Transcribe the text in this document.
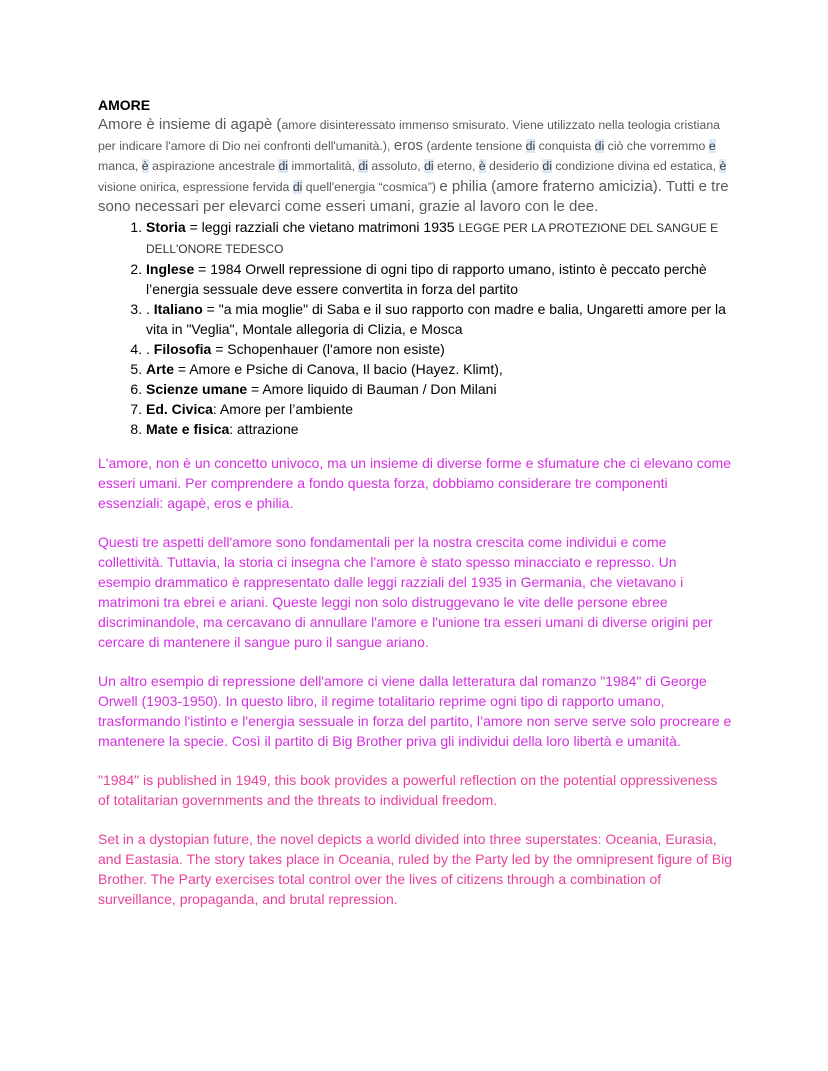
AMORE

Amore è insieme di agapè (amore disinteressato immenso smisurato. Viene utilizzato nella teologia cristiana per indicare l'amore di Dio nei confronti dell'umanità.), eros (ardente tensione di conquista di ciò che vorremmo e manca, è aspirazione ancestrale di immortalità, di assoluto, di eterno, è desiderio di condizione divina ed estatica, è visione onirica, espressione fervida di quell'energia “cosmica”) e philia (amore fraterno amicizia). Tutti e tre sono necessari per elevarci come esseri umani, grazie al lavoro con le dee.

1. Storia = leggi razziali che vietano matrimoni 1935 LEGGE PER LA PROTEZIONE DEL SANGUE E DELL'ONORE TEDESCO
2. Inglese = 1984 Orwell repressione di ogni tipo di rapporto umano, istinto è peccato perchè l’energia sessuale deve essere convertita in forza del partito
3. . Italiano = "a mia moglie" di Saba e il suo rapporto con madre e balia, Ungaretti amore per la vita in "Veglia", Montale allegoria di Clizia, e Mosca
4. . Filosofia = Schopenhauer (l'amore non esiste)
5. Arte = Amore e Psiche di Canova, Il bacio (Hayez. Klimt),
6. Scienze umane = Amore liquido di Bauman / Don Milani
7. Ed. Civica: Amore per l’ambiente
8. Mate e fisica: attrazione

L'amore, non è un concetto univoco, ma un insieme di diverse forme e sfumature che ci elevano come esseri umani. Per comprendere a fondo questa forza, dobbiamo considerare tre componenti essenziali: agapè, eros e philia.

Questi tre aspetti dell'amore sono fondamentali per la nostra crescita come individui e come collettività. Tuttavia, la storia ci insegna che l'amore è stato spesso minacciato e represso. Un esempio drammatico è rappresentato dalle leggi razziali del 1935 in Germania, che vietavano i matrimoni tra ebrei e ariani. Queste leggi non solo distruggevano le vite delle persone ebree discriminandole, ma cercavano di annullare l'amore e l'unione tra esseri umani di diverse origini per cercare di mantenere il sangue puro il sangue ariano.

Un altro esempio di repressione dell'amore ci viene dalla letteratura dal romanzo "1984" di George Orwell (1903-1950). In questo libro, il regime totalitario reprime ogni tipo di rapporto umano, trasformando l'istinto e l'energia sessuale in forza del partito, l’amore non serve serve solo procreare e mantenere la specie. Così il partito di Big Brother priva gli individui della loro libertà e umanità.

"1984" is published in 1949, this book provides a powerful reflection on the potential oppressiveness of totalitarian governments and the threats to individual freedom.

Set in a dystopian future, the novel depicts a world divided into three superstates: Oceania, Eurasia, and Eastasia. The story takes place in Oceania, ruled by the Party led by the omnipresent figure of Big Brother. The Party exercises total control over the lives of citizens through a combination of surveillance, propaganda, and brutal repression.
